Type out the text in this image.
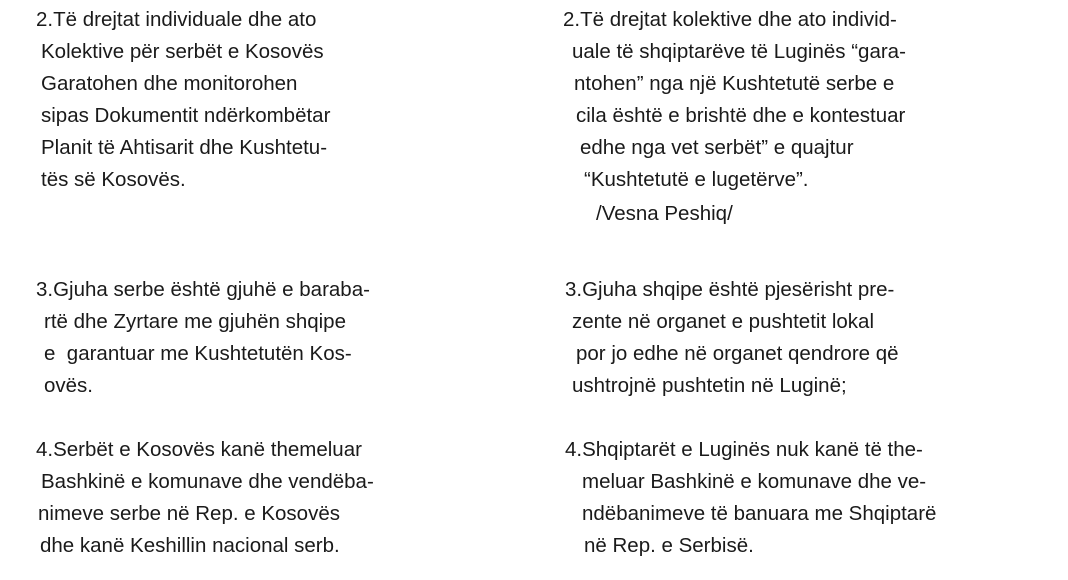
2.Të drejtat individuale dhe ato
Kolektive për serbët e Kosovës
Garatohen dhe monitorohen
sipas Dokumentit ndërkombëtar
Planit të Ahtisarit dhe Kushtetu-
tës së Kosovës.
3.Gjuha serbe është gjuhë e baraba-
rtë dhe Zyrtare me gjuhën shqipe
e  garantuar me Kushtetutën Kos-
ovës.
4.Serbët e Kosovës kanë themeluar
Bashkinë e komunave dhe vendëba-
nimeve serbe në Rep. e Kosovës
dhe kanë Keshillin nacional serb.
2.Të drejtat kolektive dhe ato individ-
uale të shqiptarëve të Luginës “gara-
ntohen” nga një Kushtetutë serbe e
cila është e brishtë dhe e kontestuar
edhe nga vet serbët” e quajtur
“Kushtetutë e lugetërve”.
/Vesna Peshiq/
3.Gjuha shqipe është pjesërisht pre-
zente në organet e pushtetit lokal
por jo edhe në organet qendrore që
ushtrojnë pushtetin në Luginë;
4.Shqiptarët e Luginës nuk kanë të the-
meluar Bashkinë e komunave dhe ve-
ndëbanimeve të banuara me Shqiptarë
në Rep. e Serbisë.
